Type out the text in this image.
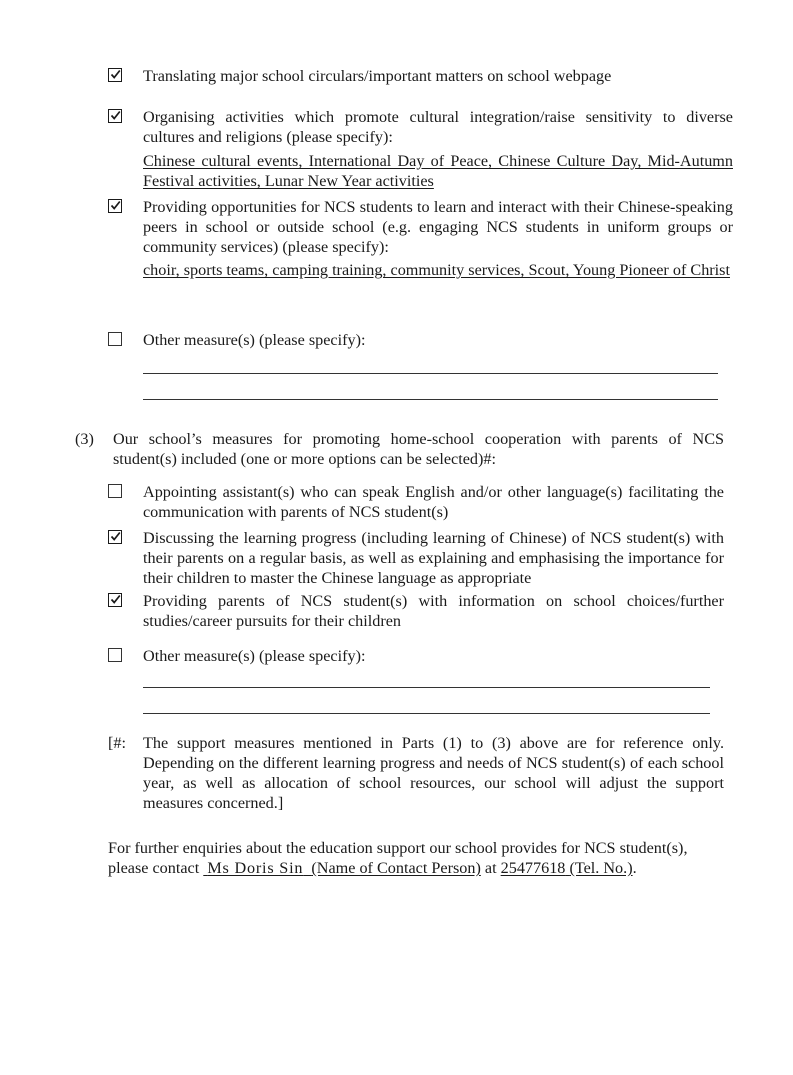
Translating major school circulars/important matters on school webpage
Organising activities which promote cultural integration/raise sensitivity to diverse cultures and religions (please specify):
Chinese cultural events, International Day of Peace, Chinese Culture Day, Mid-Autumn Festival activities, Lunar New Year activities
Providing opportunities for NCS students to learn and interact with their Chinese-speaking peers in school or outside school (e.g. engaging NCS students in uniform groups or community services) (please specify):
choir, sports teams, camping training, community services, Scout, Young Pioneer of Christ
Other measure(s) (please specify):
(3) Our school’s measures for promoting home-school cooperation with parents of NCS student(s) included (one or more options can be selected)#:
Appointing assistant(s) who can speak English and/or other language(s) facilitating the communication with parents of NCS student(s)
Discussing the learning progress (including learning of Chinese) of NCS student(s) with their parents on a regular basis, as well as explaining and emphasising the importance for their children to master the Chinese language as appropriate
Providing parents of NCS student(s) with information on school choices/further studies/career pursuits for their children
Other measure(s) (please specify):
[#: The support measures mentioned in Parts (1) to (3) above are for reference only. Depending on the different learning progress and needs of NCS student(s) of each school year, as well as allocation of school resources, our school will adjust the support measures concerned.]
For further enquiries about the education support our school provides for NCS student(s),
please contact  Ms Doris Sin (Name of Contact Person) at 25477618 (Tel. No.).
